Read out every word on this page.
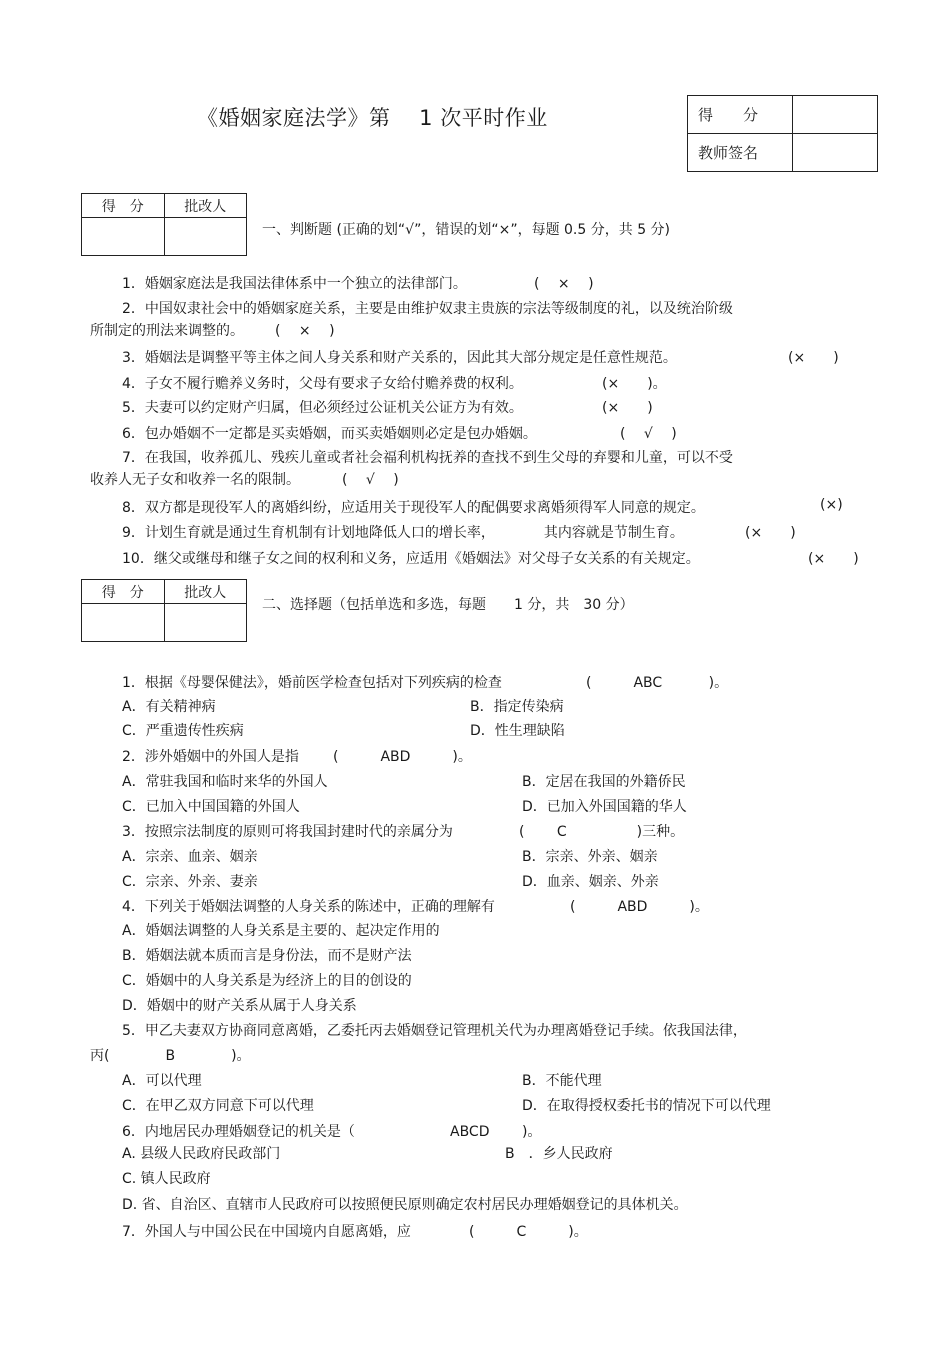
《婚姻家庭法学》第　 1 次平时作业	得　　分	
教师签名	
得　分	批改人

一、判断题 (正确的划“√”，错误的划“×”，每题 0.5 分，共 5 分)
1．婚姻家庭法是我国法律体系中一个独立的法律部门。	(　 ×　 )
2．中国奴隶社会中的婚姻家庭关系，主要是由维护奴隶主贵族的宗法等级制度的礼，以及统治阶级
所制定的刑法来调整的。 (　 ×　 )
3．婚姻法是调整平等主体之间人身关系和财产关系的，因此其大部分规定是任意性规范。	(×　　)
4．子女不履行赡养义务时，父母有要求子女给付赡养费的权利。	(×　　)。
5．夫妻可以约定财产归属，但必须经过公证机关公证方为有效。	(×　　)
6．包办婚姻不一定都是买卖婚姻，而买卖婚姻则必定是包办婚姻。	(　 √　 )
7．在我国，收养孤儿、残疾儿童或者社会福利机构抚养的查找不到生父母的弃婴和儿童，可以不受
收养人无子女和收养一名的限制。	(　 √　 )
8．双方都是现役军人的离婚纠纷，应适用关于现役军人的配偶要求离婚须得军人同意的规定。	(×)
9．计划生育就是通过生育机制有计划地降低人口的增长率，　　　　其内容就是节制生育。	(×　　)
10．继父或继母和继子女之间的权利和义务，应适用《婚姻法》对父母子女关系的有关规定。	(×　　)
得　分	批改人

二、选择题（包括单选和多选，每题　　1 分，共　30 分）
1．根据《母婴保健法》，婚前医学检查包括对下列疾病的检查	(　　　ABC　　　 )。
A．有关精神病	B．指定传染病
C．严重遗传性疾病	D．性生理缺陷
2．涉外婚姻中的外国人是指 (　　　ABD　　　)。
A．常驻我国和临时来华的外国人	B．定居在我国的外籍侨民
C．已加入中国国籍的外国人	D．已加入外国国籍的华人
3．按照宗法制度的原则可将我国封建时代的亲属分为	(　　 C　　　　　)三种。
A．宗亲、血亲、姻亲	B．宗亲、外亲、姻亲
C．宗亲、外亲、妻亲	D．血亲、姻亲、外亲
4．下列关于婚姻法调整的人身关系的陈述中，正确的理解有	(　　　ABD　　　)。
A．婚姻法调整的人身关系是主要的、起决定作用的
B．婚姻法就本质而言是身份法，而不是财产法
C．婚姻中的人身关系是为经济上的目的创设的
D．婚姻中的财产关系从属于人身关系
5．甲乙夫妻双方协商同意离婚，乙委托丙去婚姻登记管理机关代为办理离婚登记手续。依我国法律，
丙(　　　　B　　　　)。
A．可以代理	B．不能代理
C．在甲乙双方同意下可以代理	D．在取得授权委托书的情况下可以代理
6．内地居民办理婚姻登记的机关是（	ABCD　　 )。
A. 县级人民政府民政部门	B　．乡人民政府
C. 镇人民政府
D. 省、自治区、直辖市人民政府可以按照便民原则确定农村居民办理婚姻登记的具体机关。
7．外国人与中国公民在中国境内自愿离婚，应	(　　　C　　　)。
